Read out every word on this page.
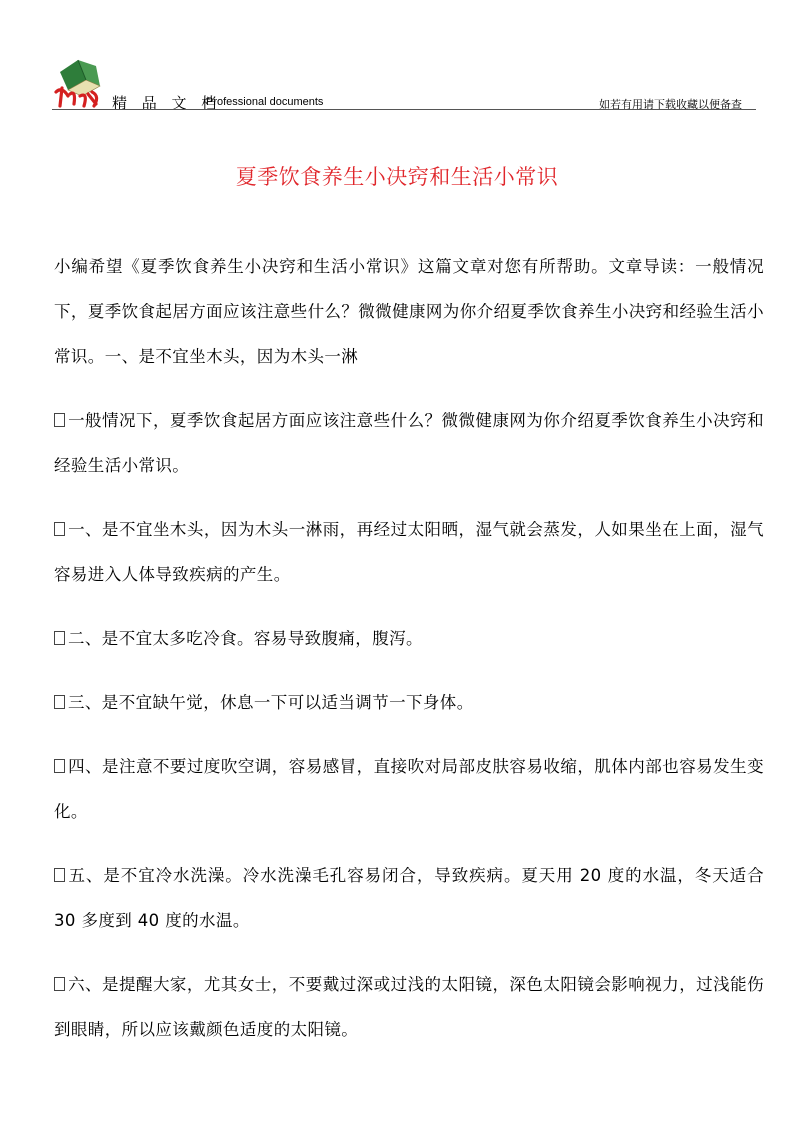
精 品 文 档
Professional documents	如若有用请下载收藏以便备查
夏季饮食养生小决窍和生活小常识

小编希望《夏季饮食养生小决窍和生活小常识》这篇文章对您有所帮助。文章导读：一般情况下，夏季饮食起居方面应该注意些什么？微微健康网为你介绍夏季饮食养生小决窍和经验生活小常识。一、是不宜坐木头，因为木头一淋

一般情况下，夏季饮食起居方面应该注意些什么？微微健康网为你介绍夏季饮食养生小决窍和经验生活小常识。

一、是不宜坐木头，因为木头一淋雨，再经过太阳晒，湿气就会蒸发，人如果坐在上面，湿气容易进入人体导致疾病的产生。

二、是不宜太多吃冷食。容易导致腹痛，腹泻。

三、是不宜缺午觉，休息一下可以适当调节一下身体。

四、是注意不要过度吹空调，容易感冒，直接吹对局部皮肤容易收缩，肌体内部也容易发生变化。

五、是不宜冷水洗澡。冷水洗澡毛孔容易闭合，导致疾病。夏天用 20 度的水温，冬天适合 30 多度到 40 度的水温。

六、是提醒大家，尤其女士，不要戴过深或过浅的太阳镜，深色太阳镜会影响视力，过浅能伤到眼睛，所以应该戴颜色适度的太阳镜。
